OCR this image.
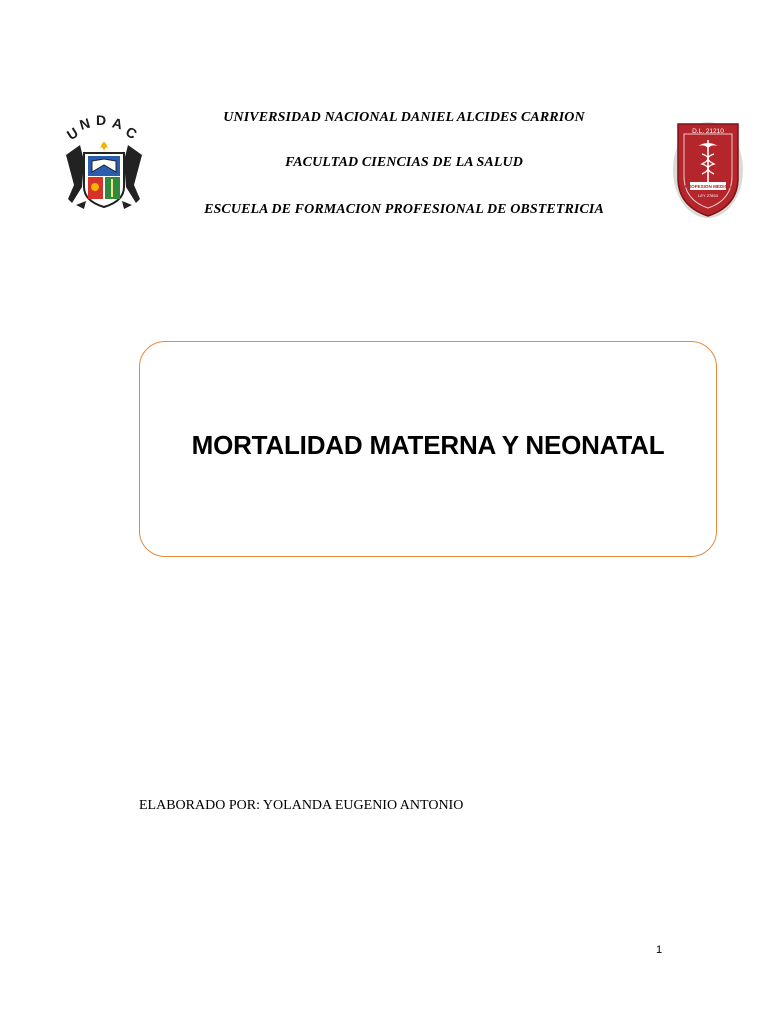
UNIVERSIDAD NACIONAL DANIEL ALCIDES CARRION
FACULTAD CIENCIAS DE LA SALUD
ESCUELA DE FORMACION PROFESIONAL DE OBSTETRICIA
U
N D A
C	D.L. 21210
PROFESION MEDICA
LEY 27853
MORTALIDAD MATERNA Y NEONATAL
ELABORADO POR: YOLANDA EUGENIO ANTONIO
1
